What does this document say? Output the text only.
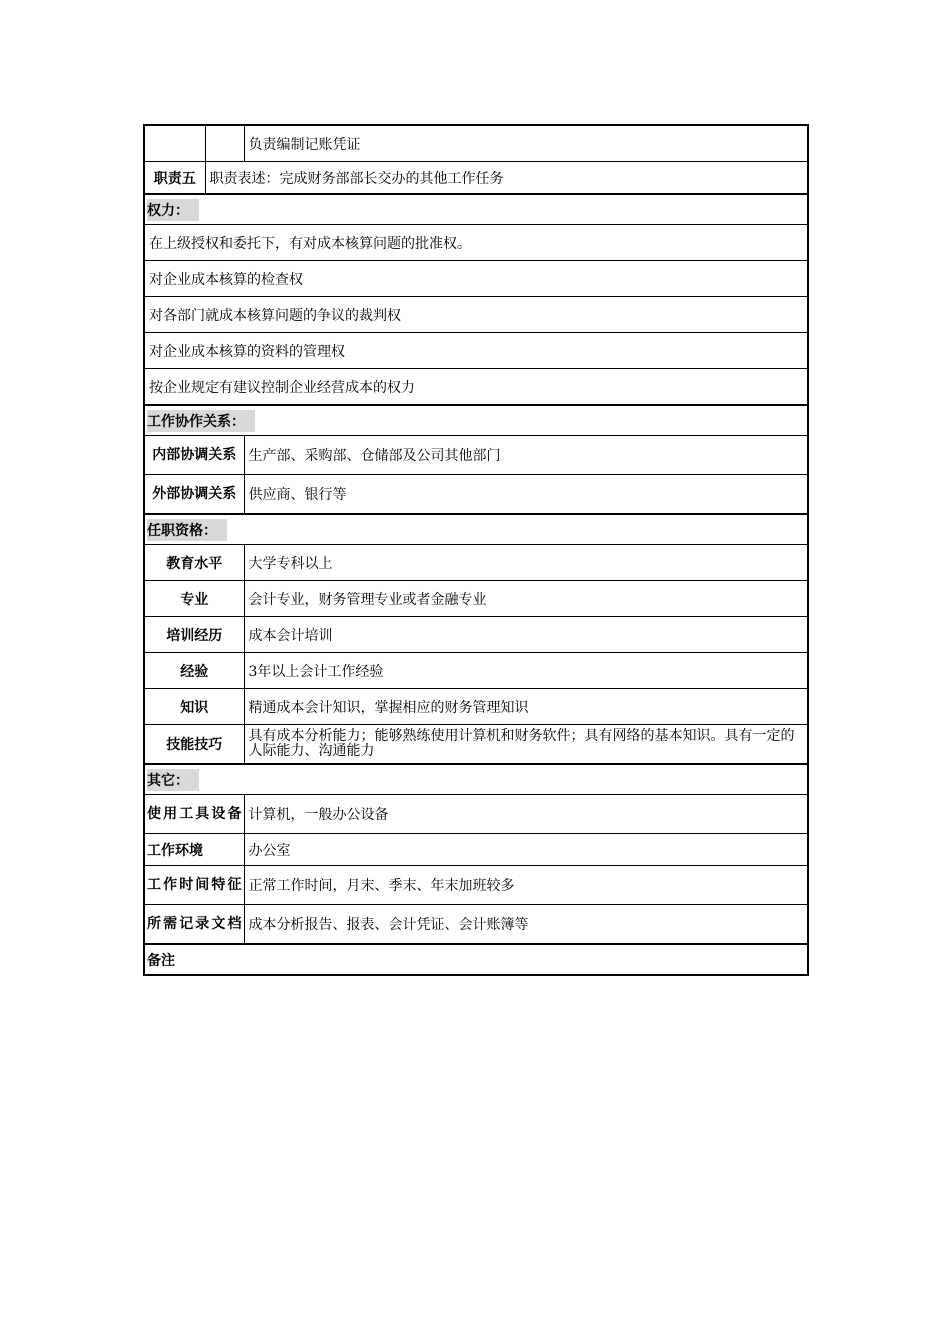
		负责编制记账凭证
职责五	职责表述：完成财务部部长交办的其他工作任务	
权力：		
在上级授权和委托下，有对成本核算问题的批准权。		
对企业成本核算的检查权		
对各部门就成本核算问题的争议的裁判权		
对企业成本核算的资料的管理权		
按企业规定有建议控制企业经营成本的权力		
工作协作关系：		
内部协调关系		生产部、采购部、仓储部及公司其他部门
外部协调关系		供应商、银行等
任职资格：		
教育水平		大学专科以上
专业		会计专业，财务管理专业或者金融专业
培训经历		成本会计培训
经验		3年以上会计工作经验
知识		精通成本会计知识，掌握相应的财务管理知识
技能技巧		具有成本分析能力；能够熟练使用计算机和财务软件；具有网络的基本知识。具有一定的人际能力、沟通能力
其它：		
使用工具设备		计算机，一般办公设备
工作环境		办公室
工作时间特征		正常工作时间，月末、季末、年末加班较多
所需记录文档		成本分析报告、报表、会计凭证、会计账簿等
备注		
